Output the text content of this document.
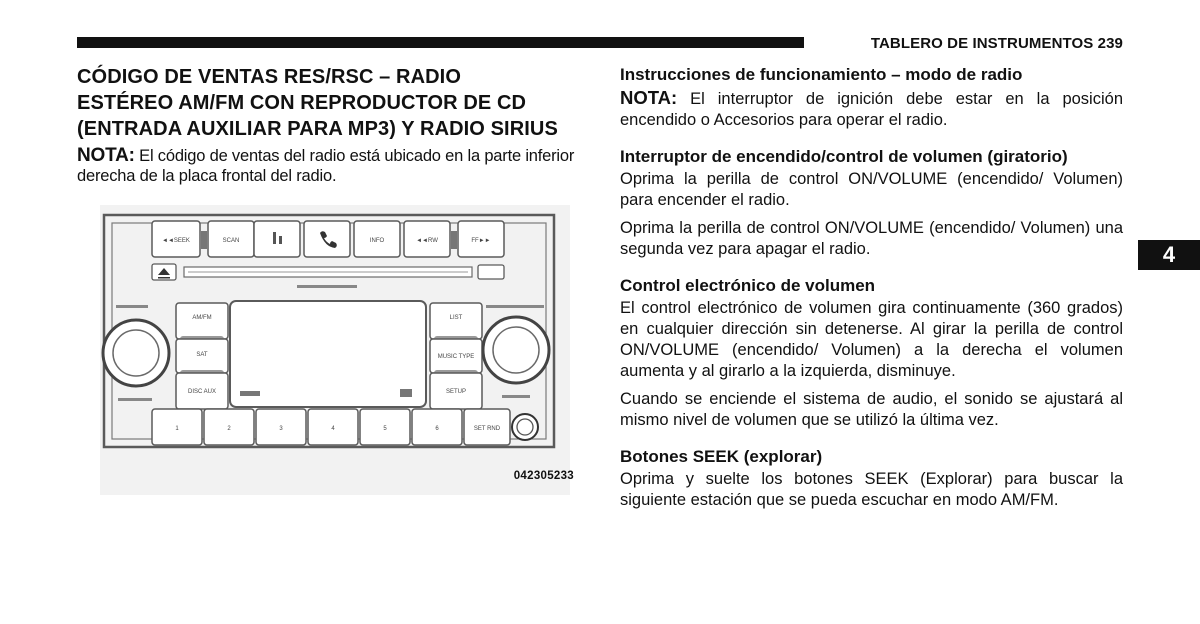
TABLERO DE INSTRUMENTOS 239
4
CÓDIGO DE VENTAS RES/RSC – RADIO
ESTÉREO AM/FM CON REPRODUCTOR DE CD
(ENTRADA AUXILIAR PARA MP3) Y RADIO SIRIUS

NOTA: El código de ventas del radio está ubicado en la parte inferior derecha de la placa frontal del radio.

◄◄SEEK	SCAN	INFO	◄◄RW	FF►►
AM/FM
SAT
DISC AUX
LIST
MUSIC TYPE
SETUP
1	2	3	4	5	6	SET RND
042305233
Instrucciones de funcionamiento – modo de radio

NOTA: El interruptor de ignición debe estar en la posición encendido o Accesorios para operar el radio.

Interruptor de encendido/control de volumen (giratorio)

Oprima la perilla de control ON/VOLUME (encendido/ Volumen) para encender el radio.

Oprima la perilla de control ON/VOLUME (encendido/ Volumen) una segunda vez para apagar el radio.

Control electrónico de volumen

El control electrónico de volumen gira continuamente (360 grados) en cualquier dirección sin detenerse. Al girar la perilla de control ON/VOLUME (encendido/ Volumen) a la derecha el volumen aumenta y al girarlo a la izquierda, disminuye.

Cuando se enciende el sistema de audio, el sonido se ajustará al mismo nivel de volumen que se utilizó la última vez.

Botones SEEK (explorar)

Oprima y suelte los botones SEEK (Explorar) para buscar la siguiente estación que se pueda escuchar en modo AM/FM.
